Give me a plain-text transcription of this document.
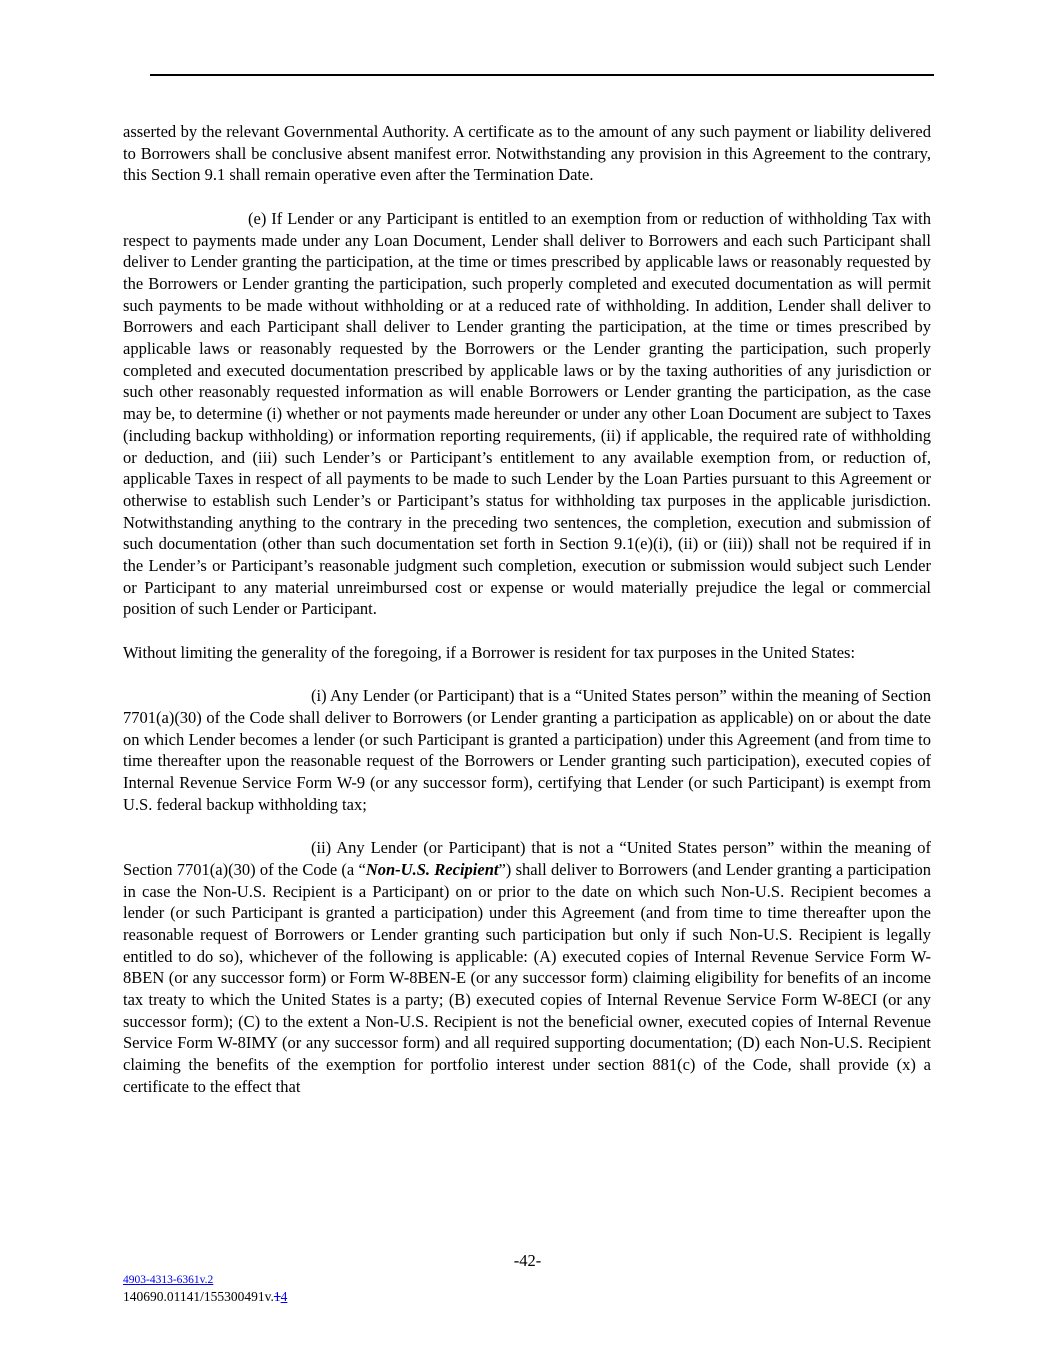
asserted by the relevant Governmental Authority. A certificate as to the amount of any such payment or liability delivered to Borrowers shall be conclusive absent manifest error. Notwithstanding any provision in this Agreement to the contrary, this Section 9.1 shall remain operative even after the Termination Date.

(e) If Lender or any Participant is entitled to an exemption from or reduction of withholding Tax with respect to payments made under any Loan Document, Lender shall deliver to Borrowers and each such Participant shall deliver to Lender granting the participation, at the time or times prescribed by applicable laws or reasonably requested by the Borrowers or Lender granting the participation, such properly completed and executed documentation as will permit such payments to be made without withholding or at a reduced rate of withholding. In addition, Lender shall deliver to Borrowers and each Participant shall deliver to Lender granting the participation, at the time or times prescribed by applicable laws or reasonably requested by the Borrowers or the Lender granting the participation, such properly completed and executed documentation prescribed by applicable laws or by the taxing authorities of any jurisdiction or such other reasonably requested information as will enable Borrowers or Lender granting the participation, as the case may be, to determine (i) whether or not payments made hereunder or under any other Loan Document are subject to Taxes (including backup withholding) or information reporting requirements, (ii) if applicable, the required rate of withholding or deduction, and (iii) such Lender’s or Participant’s entitlement to any available exemption from, or reduction of, applicable Taxes in respect of all payments to be made to such Lender by the Loan Parties pursuant to this Agreement or otherwise to establish such Lender’s or Participant’s status for withholding tax purposes in the applicable jurisdiction. Notwithstanding anything to the contrary in the preceding two sentences, the completion, execution and submission of such documentation (other than such documentation set forth in Section 9.1(e)(i), (ii) or (iii)) shall not be required if in the Lender’s or Participant’s reasonable judgment such completion, execution or submission would subject such Lender or Participant to any material unreimbursed cost or expense or would materially prejudice the legal or commercial position of such Lender or Participant.

Without limiting the generality of the foregoing, if a Borrower is resident for tax purposes in the United States:

(i) Any Lender (or Participant) that is a “United States person” within the meaning of Section 7701(a)(30) of the Code shall deliver to Borrowers (or Lender granting a participation as applicable) on or about the date on which Lender becomes a lender (or such Participant is granted a participation) under this Agreement (and from time to time thereafter upon the reasonable request of the Borrowers or Lender granting such participation), executed copies of Internal Revenue Service Form W-9 (or any successor form), certifying that Lender (or such Participant) is exempt from U.S. federal backup withholding tax;

(ii) Any Lender (or Participant) that is not a “United States person” within the meaning of Section 7701(a)(30) of the Code (a “Non-U.S. Recipient”) shall deliver to Borrowers (and Lender granting a participation in case the Non-U.S. Recipient is a Participant) on or prior to the date on which such Non-U.S. Recipient becomes a lender (or such Participant is granted a participation) under this Agreement (and from time to time thereafter upon the reasonable request of Borrowers or Lender granting such participation but only if such Non-U.S. Recipient is legally entitled to do so), whichever of the following is applicable: (A) executed copies of Internal Revenue Service Form W-8BEN (or any successor form) or Form W-8BEN-E (or any successor form) claiming eligibility for benefits of an income tax treaty to which the United States is a party; (B) executed copies of Internal Revenue Service Form W-8ECI (or any successor form); (C) to the extent a Non-U.S. Recipient is not the beneficial owner, executed copies of Internal Revenue Service Form W-8IMY (or any successor form) and all required supporting documentation; (D) each Non-U.S. Recipient claiming the benefits of the exemption for portfolio interest under section 881(c) of the Code, shall provide (x) a certificate to the effect that

-42-
4903-4313-6361v.2
140690.01141/155300491v.14
